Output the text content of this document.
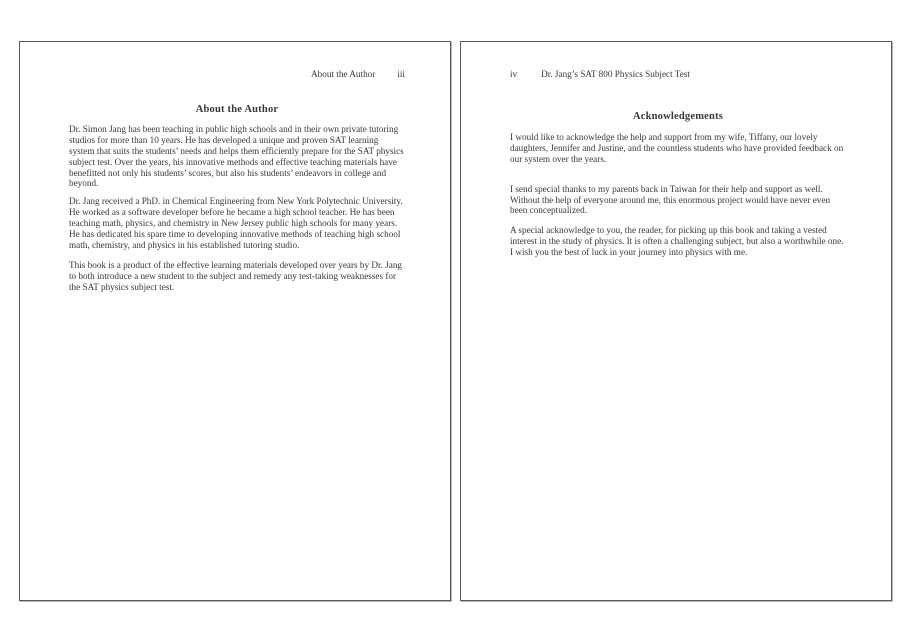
About the Author iii
About the Author

Dr. Simon Jang has been teaching in public high schools and in their own private tutoring studios for more than 10 years. He has developed a unique and proven SAT learning system that suits the students’ needs and helps them efficiently prepare for the SAT physics subject test. Over the years, his innovative methods and effective teaching materials have benefitted not only his students’ scores, but also his students’ endeavors in college and beyond.

Dr. Jang received a PhD. in Chemical Engineering from New York Polytechnic University. He worked as a software developer before he became a high school teacher. He has been teaching math, physics, and chemistry in New Jersey public high schools for many years. He has dedicated his spare time to developing innovative methods of teaching high school math, chemistry, and physics in his established tutoring studio.

This book is a product of the effective learning materials developed over years by Dr. Jang to both introduce a new student to the subject and remedy any test-taking weaknesses for the SAT physics subject test.

iv	Dr. Jang’s SAT 800 Physics Subject Test
Acknowledgements

I would like to acknowledge the help and support from my wife, Tiffany, our lovely daughters, Jennifer and Justine, and the countless students who have provided feedback on our system over the years.

I send special thanks to my parents back in Taiwan for their help and support as well. Without the help of everyone around me, this enormous project would have never even been conceptualized.

A special acknowledge to you, the reader, for picking up this book and taking a vested interest in the study of physics. It is often a challenging subject, but also a worthwhile one. I wish you the best of luck in your journey into physics with me.
